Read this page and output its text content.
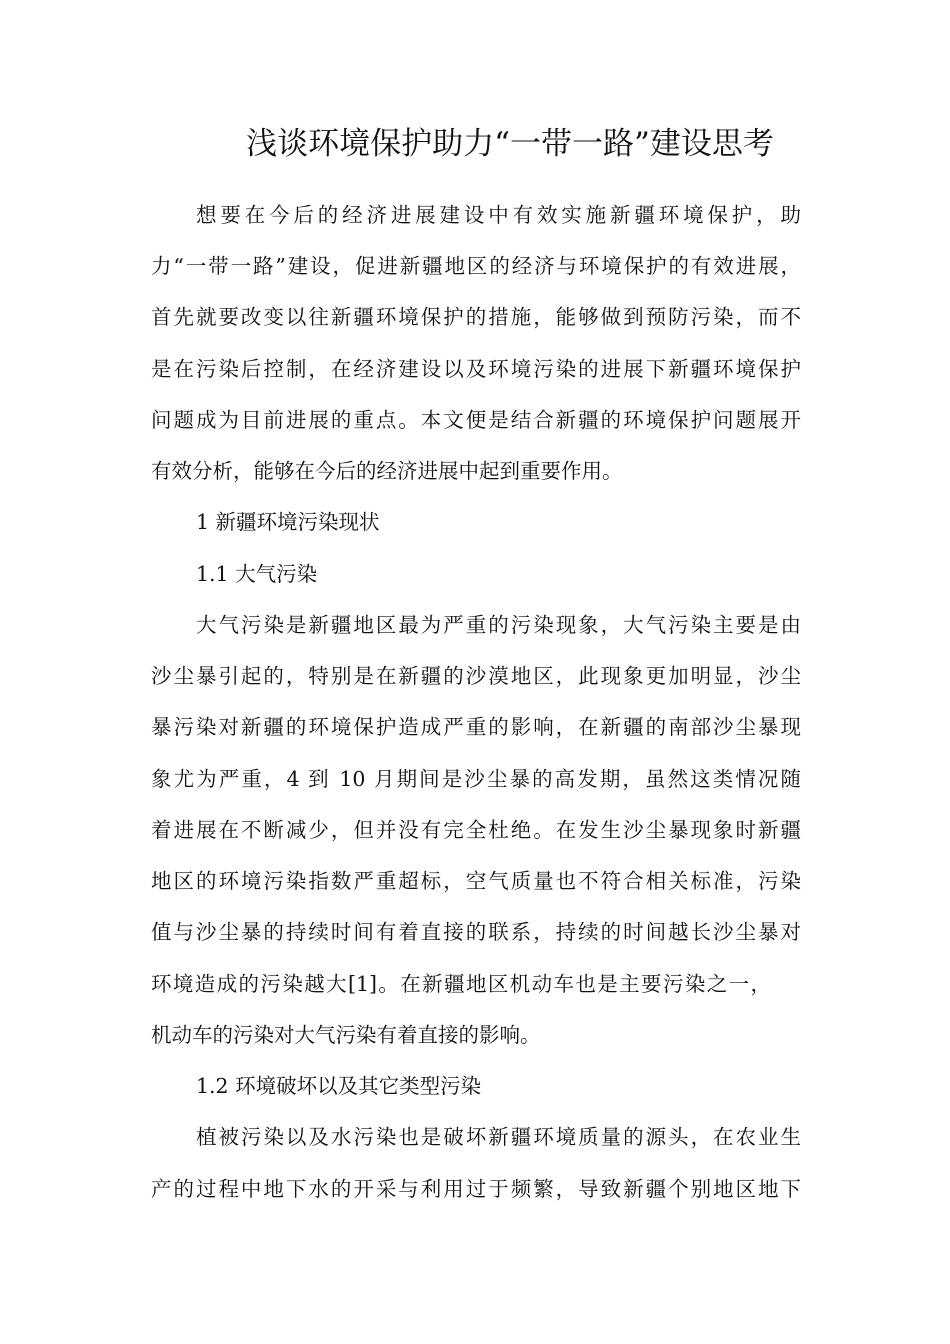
浅谈环境保护助力“一带一路”建设思考
想要在今后的经济进展建设中有效实施新疆环境保护，助
力“一带一路”建设，促进新疆地区的经济与环境保护的有效进展，
首先就要改变以往新疆环境保护的措施，能够做到预防污染，而不
是在污染后控制，在经济建设以及环境污染的进展下新疆环境保护
问题成为目前进展的重点。本文便是结合新疆的环境保护问题展开
有效分析，能够在今后的经济进展中起到重要作用。
1 新疆环境污染现状
1.1 大气污染
大气污染是新疆地区最为严重的污染现象，大气污染主要是由
沙尘暴引起的，特别是在新疆的沙漠地区，此现象更加明显，沙尘
暴污染对新疆的环境保护造成严重的影响，在新疆的南部沙尘暴现
象尤为严重，4 到 10 月期间是沙尘暴的高发期，虽然这类情况随
着进展在不断减少，但并没有完全杜绝。在发生沙尘暴现象时新疆
地区的环境污染指数严重超标，空气质量也不符合相关标准，污染
值与沙尘暴的持续时间有着直接的联系，持续的时间越长沙尘暴对
环境造成的污染越大[1]。在新疆地区机动车也是主要污染之一，
机动车的污染对大气污染有着直接的影响。
1.2 环境破坏以及其它类型污染
植被污染以及水污染也是破坏新疆环境质量的源头，在农业生
产的过程中地下水的开采与利用过于频繁，导致新疆个别地区地下
